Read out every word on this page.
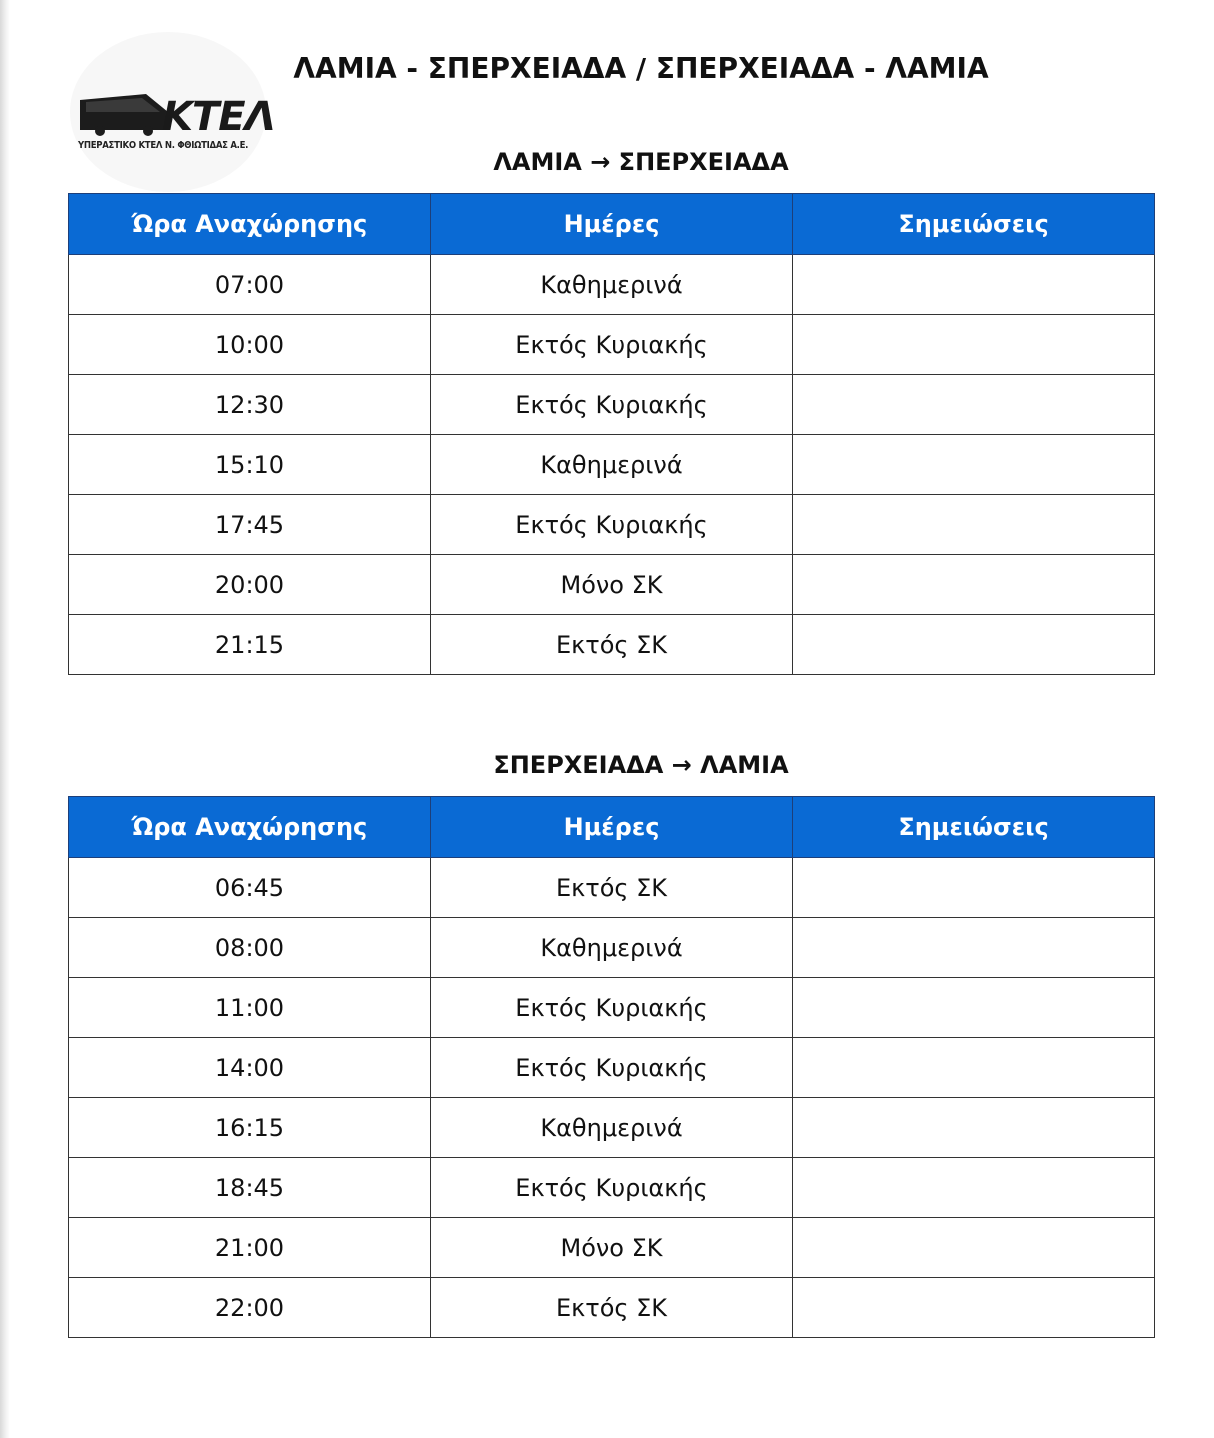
ΚΤΕΛ
ΥΠΕΡΑΣΤΙΚΟ ΚΤΕΛ Ν. ΦΘΙΩΤΙΔΑΣ Α.Ε.
ΛΑΜΙΑ - ΣΠΕΡΧΕΙΑΔΑ / ΣΠΕΡΧΕΙΑΔΑ - ΛΑΜΙΑ
ΛΑΜΙΑ → ΣΠΕΡΧΕΙΑΔΑ
Ώρα Αναχώρησης	Ημέρες	Σημειώσεις
07:00	Καθημερινά	
10:00	Εκτός Κυριακής	
12:30	Εκτός Κυριακής	
15:10	Καθημερινά	
17:45	Εκτός Κυριακής	
20:00	Μόνο ΣΚ	
21:15	Εκτός ΣΚ	
ΣΠΕΡΧΕΙΑΔΑ → ΛΑΜΙΑ
Ώρα Αναχώρησης	Ημέρες	Σημειώσεις
06:45	Εκτός ΣΚ	
08:00	Καθημερινά	
11:00	Εκτός Κυριακής	
14:00	Εκτός Κυριακής	
16:15	Καθημερινά	
18:45	Εκτός Κυριακής	
21:00	Μόνο ΣΚ	
22:00	Εκτός ΣΚ	
